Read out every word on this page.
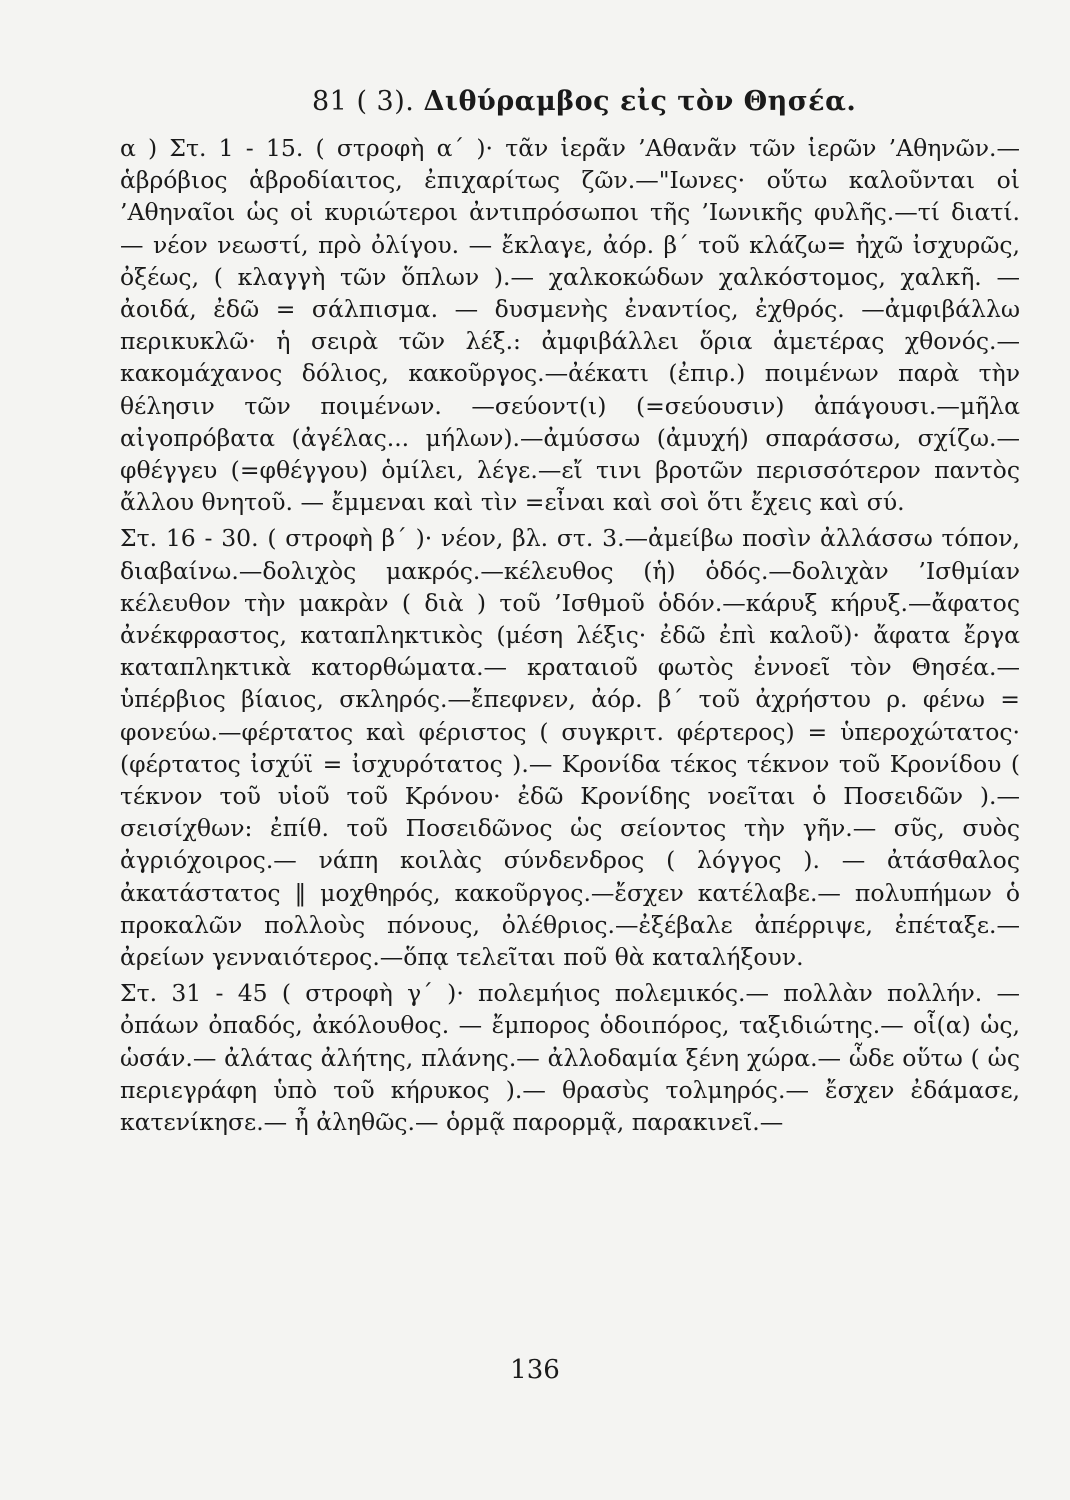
81 ( 3). Διθύραμβος εἰς τὸν Θησέα.

α ) Στ. 1 - 15. ( στροφὴ α΄ )· τᾶν ἱερᾶν ’Αθανᾶν τῶν ἱερῶν ’Αθηνῶν.—ἁβρόβιος ἁβροδίαιτος, ἐπιχαρίτως ζῶν.—"Ιωνες· οὕτω καλοῦνται οἱ ’Αθηναῖοι ὡς οἱ κυριώτεροι ἀντιπρόσωποι τῆς ’Ιωνικῆς φυλῆς.—τί διατί. — νέον νεωστί, πρὸ ὀλίγου. — ἔκλαγε, ἀόρ. β΄ τοῦ κλάζω= ἠχῶ ἰσχυρῶς, ὀξέως, ( κλαγγὴ τῶν ὅπλων ).— χαλκοκώδων χαλκόστομος, χαλκῆ. — ἀοιδά, ἐδῶ = σάλπισμα. — δυσμενὴς ἐναντίος, ἐχθρός. —ἀμφιβάλλω περικυκλῶ· ἡ σειρὰ τῶν λέξ.: ἀμφιβάλλει ὅρια ἁμετέρας χθονός.— κακομάχανος δόλιος, κακοῦργος.—ἀέκατι (ἐπιρ.) ποιμένων παρὰ τὴν θέλησιν τῶν ποιμένων. —σεύοντ(ι) (=σεύουσιν) ἀπάγουσι.—μῆλα αἰγοπρόβατα (ἀγέλας... μήλων).—ἀμύσσω (ἀμυχή) σπαράσσω, σχίζω.—φθέγγευ (=φθέγγου) ὁμίλει, λέγε.—εἴ τινι βροτῶν περισσότερον παντὸς ἄλλου θνητοῦ. — ἔμμεναι καὶ τὶν =εἶναι καὶ σοὶ ὅτι ἔχεις καὶ σύ.

Στ. 16 - 30. ( στροφὴ β΄ )· νέον, βλ. στ. 3.—ἀμείβω ποσὶν ἀλλάσσω τόπον, διαβαίνω.—δολιχὸς μακρός.—κέλευθος (ἡ) ὁδός.—δολιχὰν ’Ισθμίαν κέλευθον τὴν μακρὰν ( διὰ ) τοῦ ’Ισθμοῦ ὁδόν.—κάρυξ κήρυξ.—ἄφατος ἀνέκφραστος, καταπληκτικὸς (μέση λέξις· ἐδῶ ἐπὶ καλοῦ)· ἄφατα ἔργα καταπληκτικὰ κατορθώματα.— κραταιοῦ φωτὸς ἐννοεῖ τὸν Θησέα.—ὑπέρβιος βίαιος, σκληρός.—ἔπεφνεν, ἀόρ. β΄ τοῦ ἀχρήστου ρ. φένω = φονεύω.—φέρτατος καὶ φέριστος ( συγκριτ. φέρτερος) = ὑπεροχώτατος· (φέρτατος ἰσχύϊ = ἰσχυρότατος ).— Κρονίδα τέκος τέκνον τοῦ Κρονίδου ( τέκνον τοῦ υἱοῦ τοῦ Κρόνου· ἐδῶ Κρονίδης νοεῖται ὁ Ποσειδῶν ).— σεισίχθων: ἐπίθ. τοῦ Ποσειδῶνος ὡς σείοντος τὴν γῆν.— σῦς, συὸς ἀγριόχοιρος.— νάπη κοιλὰς σύνδενδρος ( λόγγος ). — ἀτάσθαλος ἀκατάστατος ‖ μοχθηρός, κακοῦργος.—ἔσχεν κατέλαβε.— πολυπήμων ὁ προκαλῶν πολλοὺς πόνους, ὀλέθριος.—ἐξέβαλε ἀπέρριψε, ἐπέταξε.— ἀρείων γενναιότερος.—ὅπᾳ τελεῖται ποῦ θὰ καταλήξουν.

Στ. 31 - 45 ( στροφὴ γ΄ )· πολεμήιος πολεμικός.— πολλὰν πολλήν. — ὀπάων ὀπαδός, ἀκόλουθος. — ἔμπορος ὁδοιπόρος, ταξιδιώτης.— οἷ(α) ὡς, ὡσάν.— ἀλάτας ἀλήτης, πλάνης.— ἀλλοδαμία ξένη χώρα.— ὧδε οὕτω ( ὡς περιεγράφη ὑπὸ τοῦ κήρυκος ).— θρασὺς τολμηρός.— ἔσχεν ἐδάμασε, κατενίκησε.— ἦ ἀληθῶς.— ὁρμᾷ παρορμᾷ, παρακινεῖ.—

136
